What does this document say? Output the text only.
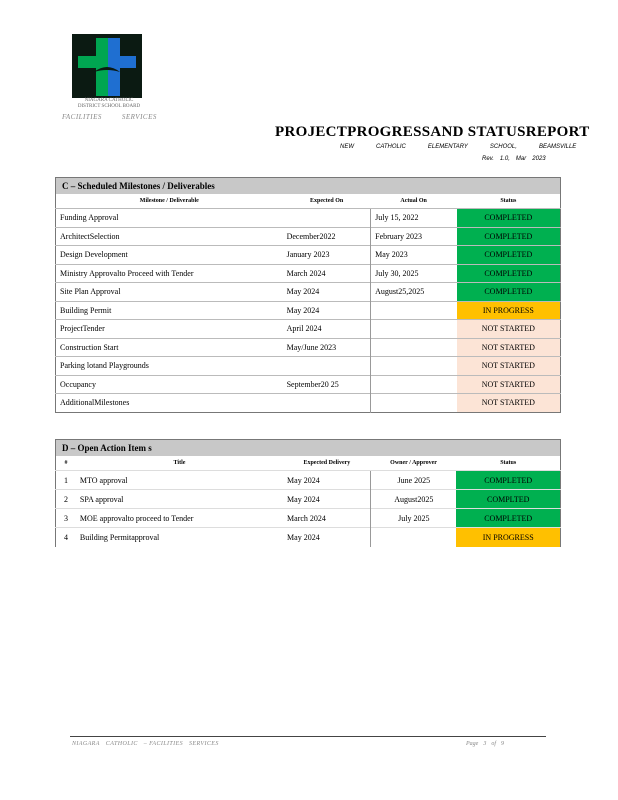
NIAGARA CATHOLIC
DISTRICT SCHOOL BOARD
FACILITIES	SERVICES
PROJECTPROGRESSAND STATUSREPORT
NEW	CATHOLIC	ELEMENTARY	SCHOOL,	BEAMSVILLE
Rev. 1.0, Mar 2023
C – Scheduled Milestones / Deliverables			
Milestone / Deliverable	Expected On	Actual On	Status
Funding Approval		July 15, 2022	COMPLETED
ArchitectSelection	December2022	February 2023	COMPLETED
Design Development	January 2023	May 2023	COMPLETED
Ministry Approvalto Proceed with Tender	March 2024	July 30, 2025	COMPLETED
Site Plan Approval	May 2024	August25,2025	COMPLETED
Building Permit	May 2024		IN PROGRESS
ProjectTender	April 2024		NOT STARTED
Construction Start	May/June 2023		NOT STARTED
Parking lotand Playgrounds			NOT STARTED
Occupancy	September20 25		NOT STARTED
AdditionalMilestones			NOT STARTED
D – Open Action Item s				
#	Title	Expected Delivery	Owner / Approver	Status
1	MTO approval	May 2024	June 2025	COMPLETED
2	SPA approval	May 2024	August2025	COMPLTED
3	MOE approvalto proceed to Tender	March 2024	July 2025	COMPLETED
4	Building Permitapproval	May 2024		IN PROGRESS
NIAGARA CATHOLIC – FACILITIES SERVICES	Page 3 of 9
